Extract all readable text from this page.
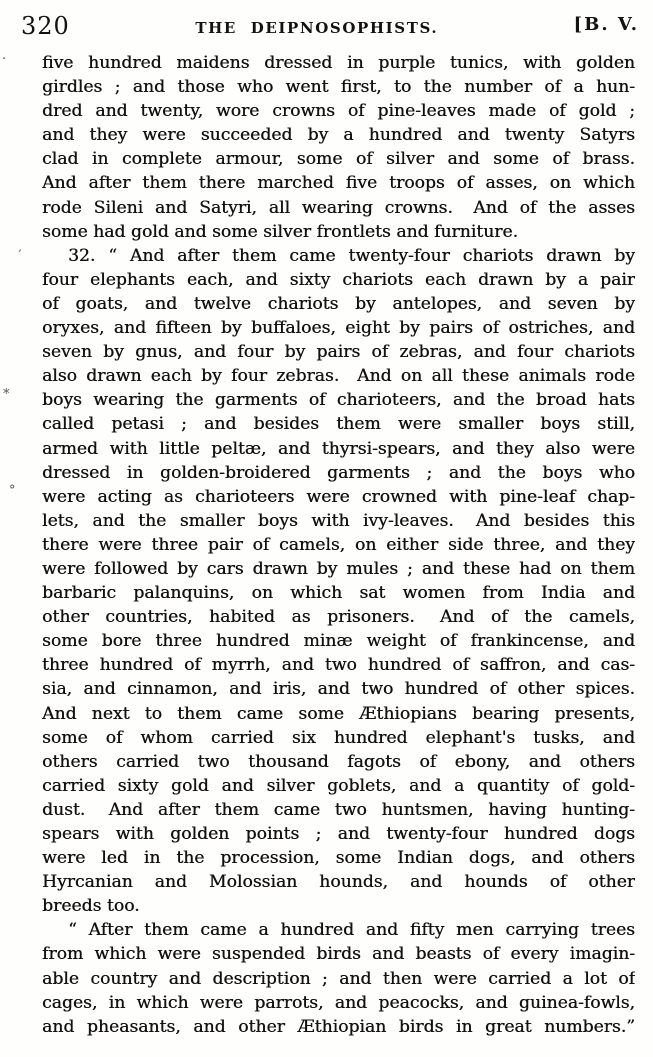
320	THE DEIPNOSOPHISTS.	[B. V.
five hundred maidens dressed in purple tunics, with golden
girdles ; and those who went first, to the number of a hun-
dred and twenty, wore crowns of pine-leaves made of gold ;
and they were succeeded by a hundred and twenty Satyrs
clad in complete armour, some of silver and some of brass.
And after them there marched five troops of asses, on which
rode Sileni and Satyri, all wearing crowns.  And of the asses
some had gold and some silver frontlets and furniture.
32. “ And after them came twenty-four chariots drawn by
four elephants each, and sixty chariots each drawn by a pair
of goats, and twelve chariots by antelopes, and seven by
oryxes, and fifteen by buffaloes, eight by pairs of ostriches, and
seven by gnus, and four by pairs of zebras, and four chariots
also drawn each by four zebras.  And on all these animals rode
boys wearing the garments of charioteers, and the broad hats
called petasi ; and besides them were smaller boys still,
armed with little peltæ, and thyrsi-spears, and they also were
dressed in golden-broidered garments ; and the boys who
were acting as charioteers were crowned with pine-leaf chap-
lets, and the smaller boys with ivy-leaves.  And besides this
there were three pair of camels, on either side three, and they
were followed by cars drawn by mules ; and these had on them
barbaric palanquins, on which sat women from India and
other countries, habited as prisoners.  And of the camels,
some bore three hundred minæ weight of frankincense, and
three hundred of myrrh, and two hundred of saffron, and cas-
sia, and cinnamon, and iris, and two hundred of other spices.
And next to them came some Æthiopians bearing presents,
some of whom carried six hundred elephant's tusks, and
others carried two thousand fagots of ebony, and others
carried sixty gold and silver goblets, and a quantity of gold-
dust.  And after them came two huntsmen, having hunting-
spears with golden points ; and twenty-four hundred dogs
were led in the procession, some Indian dogs, and others
Hyrcanian and Molossian hounds, and hounds of other
breeds too.
“ After them came a hundred and fifty men carrying trees
from which were suspended birds and beasts of every imagin-
able country and description ; and then were carried a lot of
cages, in which were parrots, and peacocks, and guinea-fowls,
and pheasants, and other Æthiopian birds in great numbers.”
.
´
*
°
